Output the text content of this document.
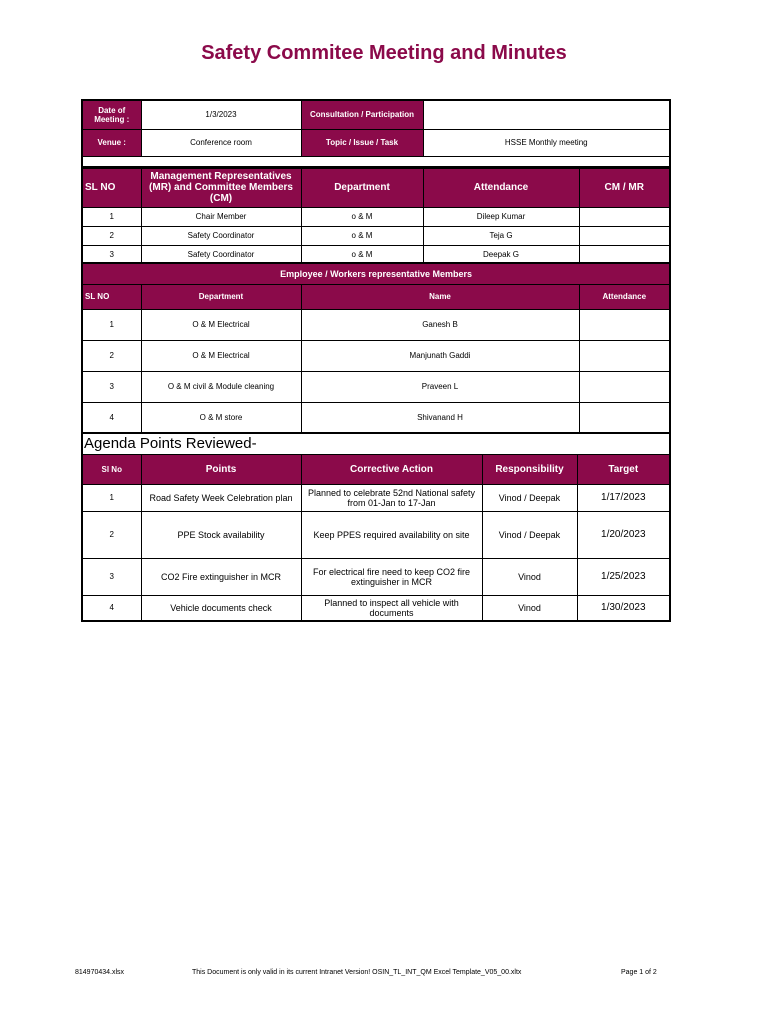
Safety Commitee Meeting and Minutes
Date of Meeting :	1/3/2023	Consultation / Participation	
Venue :	Conference room	Topic / Issue / Task	HSSE Monthly meeting

SL NO	Management Representatives (MR) and Committee Members (CM)	Department	Attendance	CM / MR
1	Chair Member	o & M	Dileep Kumar	
2	Safety Coordinator	o & M	Teja G	
3	Safety Coordinator	o & M	Deepak G	
Employee / Workers representative Members			
SL NO	Department	Name	Attendance
1	O & M Electrical	Ganesh B	
2	O & M Electrical	Manjunath Gaddi	
3	O & M civil & Module cleaning	Praveen L	
4	O & M store	Shivanand H	
Agenda Points Reviewed-				
Sl No	Points	Corrective Action	Responsibility	Target
1	Road Safety Week Celebration plan	Planned to celebrate 52nd National safety from 01-Jan to 17-Jan	Vinod / Deepak	1/17/2023
2	PPE Stock availability	Keep PPES required availability on site	Vinod / Deepak	1/20/2023
3	CO2 Fire extinguisher in MCR	For electrical fire need to keep CO2 fire extinguisher in MCR	Vinod	1/25/2023
4	Vehicle documents check	Planned to inspect all vehicle with documents	Vinod	1/30/2023
814970434.xlsx	This Document is only valid in its current Intranet Version! OSIN_TL_INT_QM Excel Template_V05_00.xltx	Page 1 of 2
